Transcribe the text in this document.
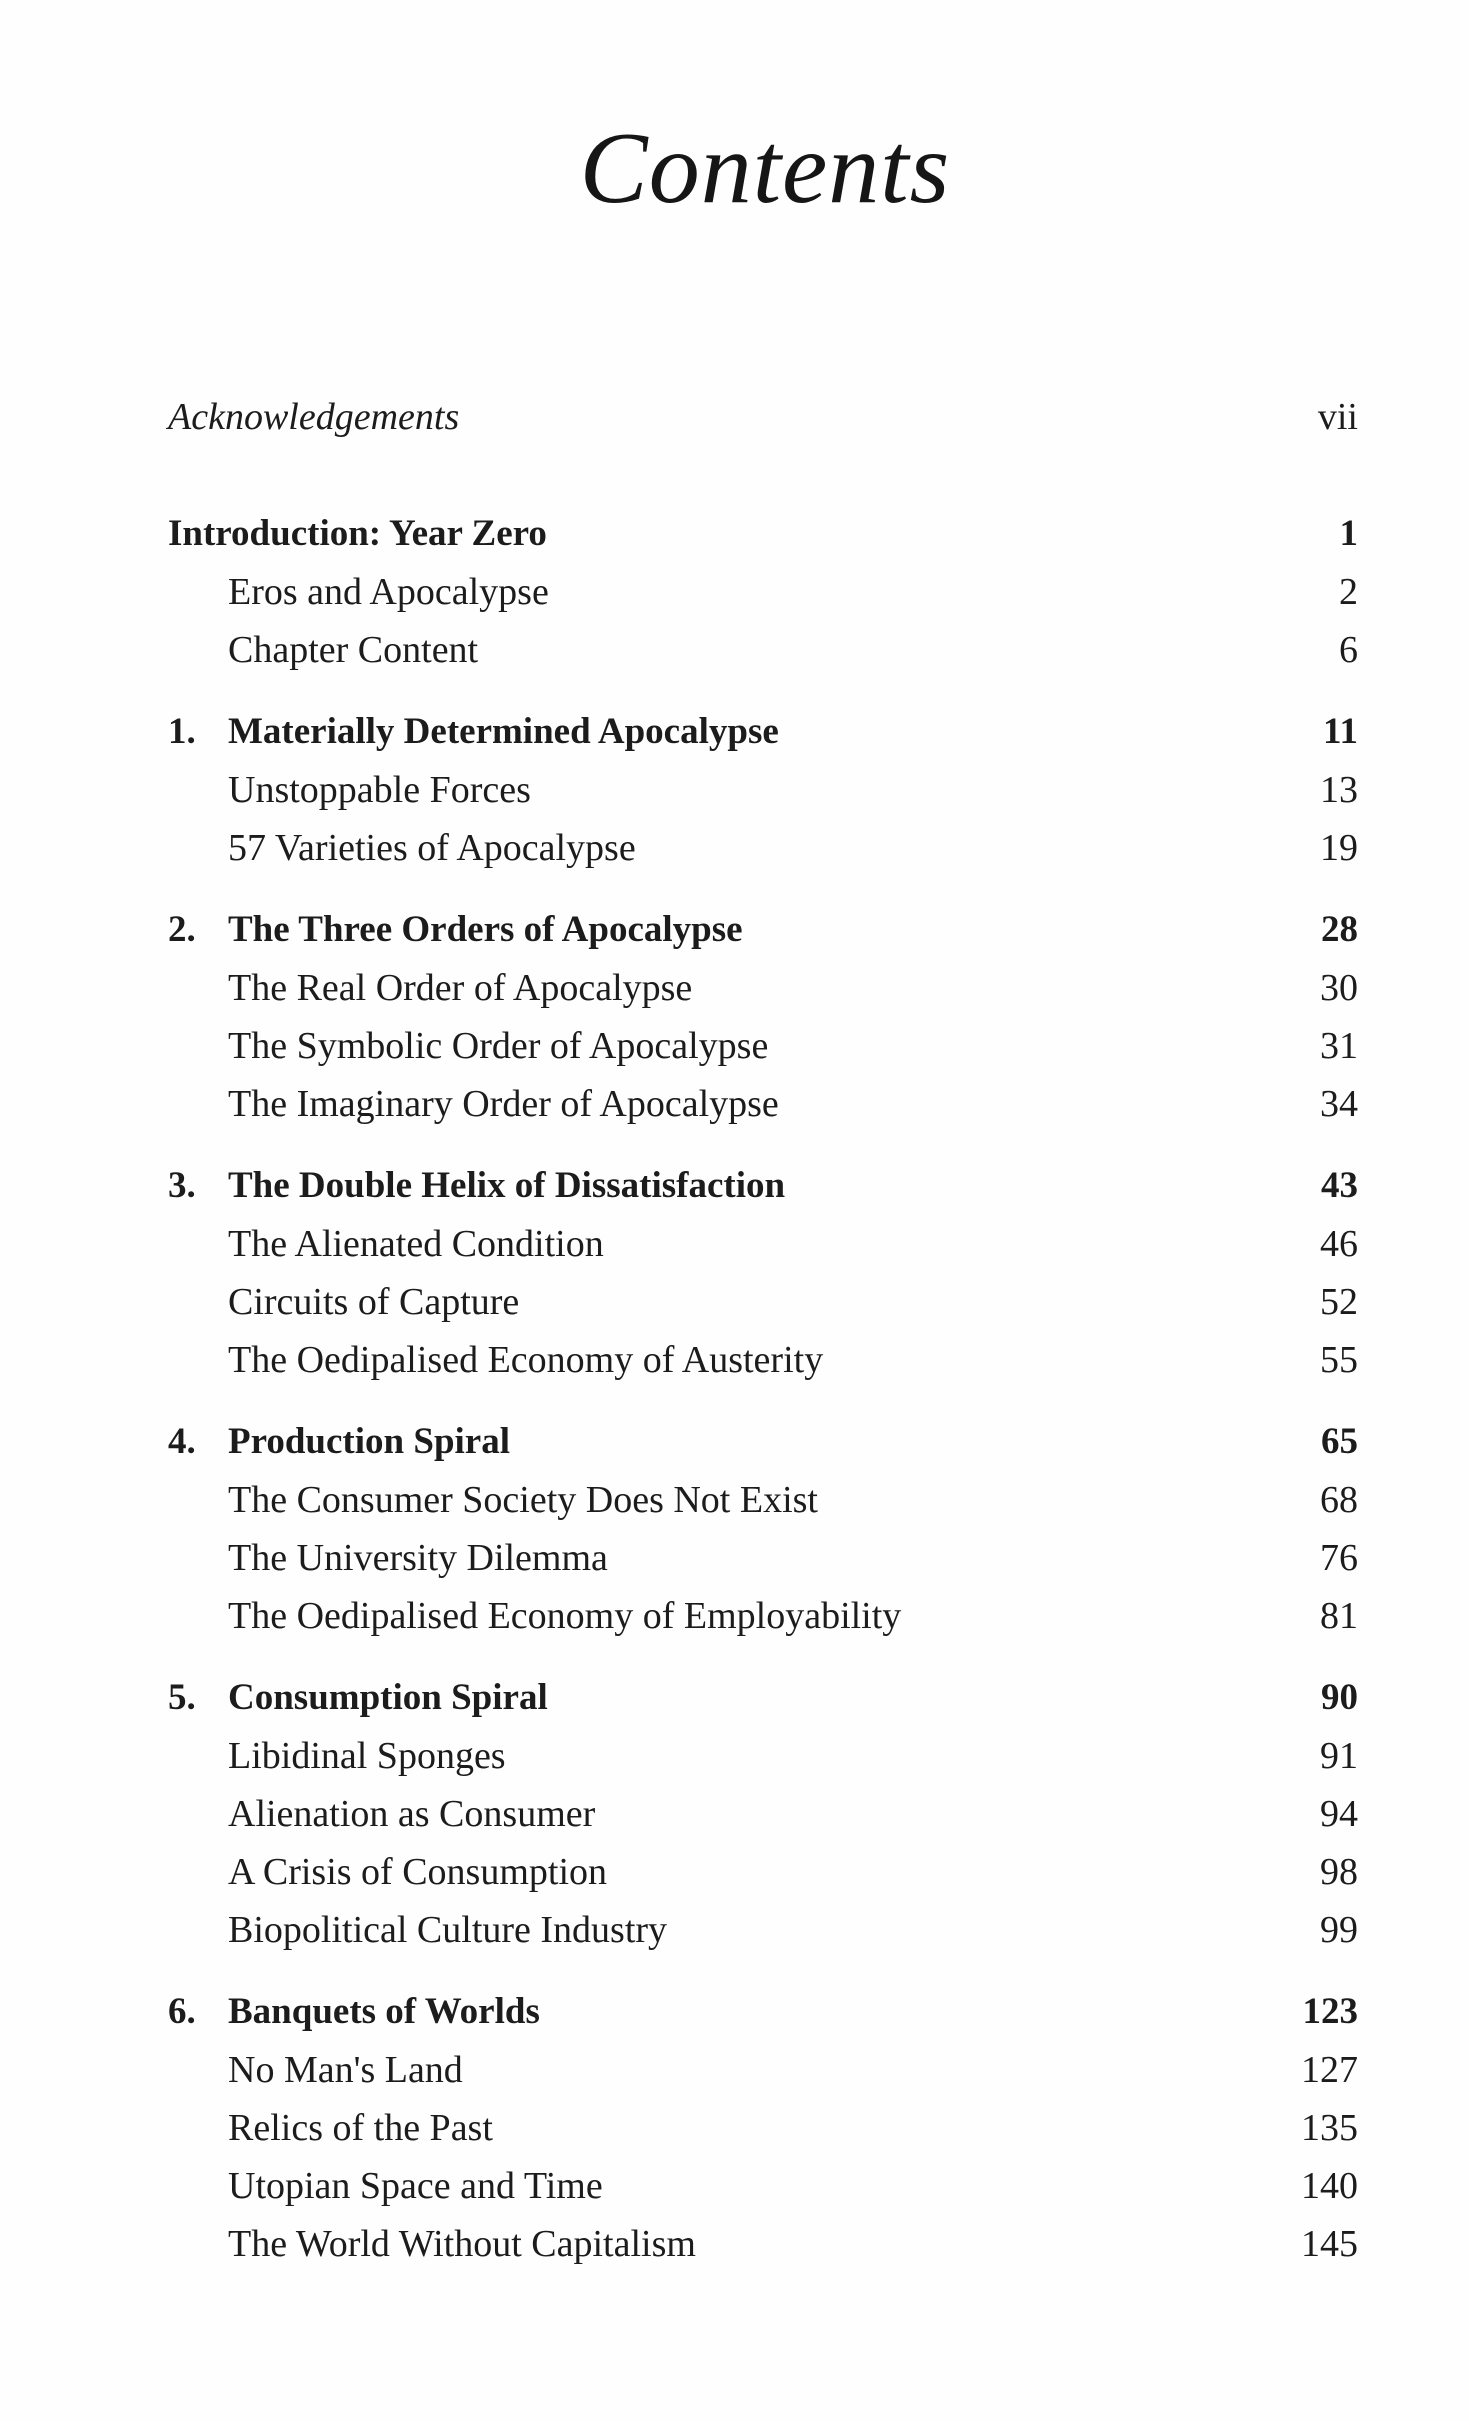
Contents
Acknowledgements	vii
Introduction: Year Zero	1
Eros and Apocalypse	2
Chapter Content	6
1. Materially Determined Apocalypse	11
Unstoppable Forces	13
57 Varieties of Apocalypse	19
2. The Three Orders of Apocalypse	28
The Real Order of Apocalypse	30
The Symbolic Order of Apocalypse	31
The Imaginary Order of Apocalypse	34
3. The Double Helix of Dissatisfaction	43
The Alienated Condition	46
Circuits of Capture	52
The Oedipalised Economy of Austerity	55
4. Production Spiral	65
The Consumer Society Does Not Exist	68
The University Dilemma	76
The Oedipalised Economy of Employability	81
5. Consumption Spiral	90
Libidinal Sponges	91
Alienation as Consumer	94
A Crisis of Consumption	98
Biopolitical Culture Industry	99
6. Banquets of Worlds	123
No Man's Land	127
Relics of the Past	135
Utopian Space and Time	140
The World Without Capitalism	145
